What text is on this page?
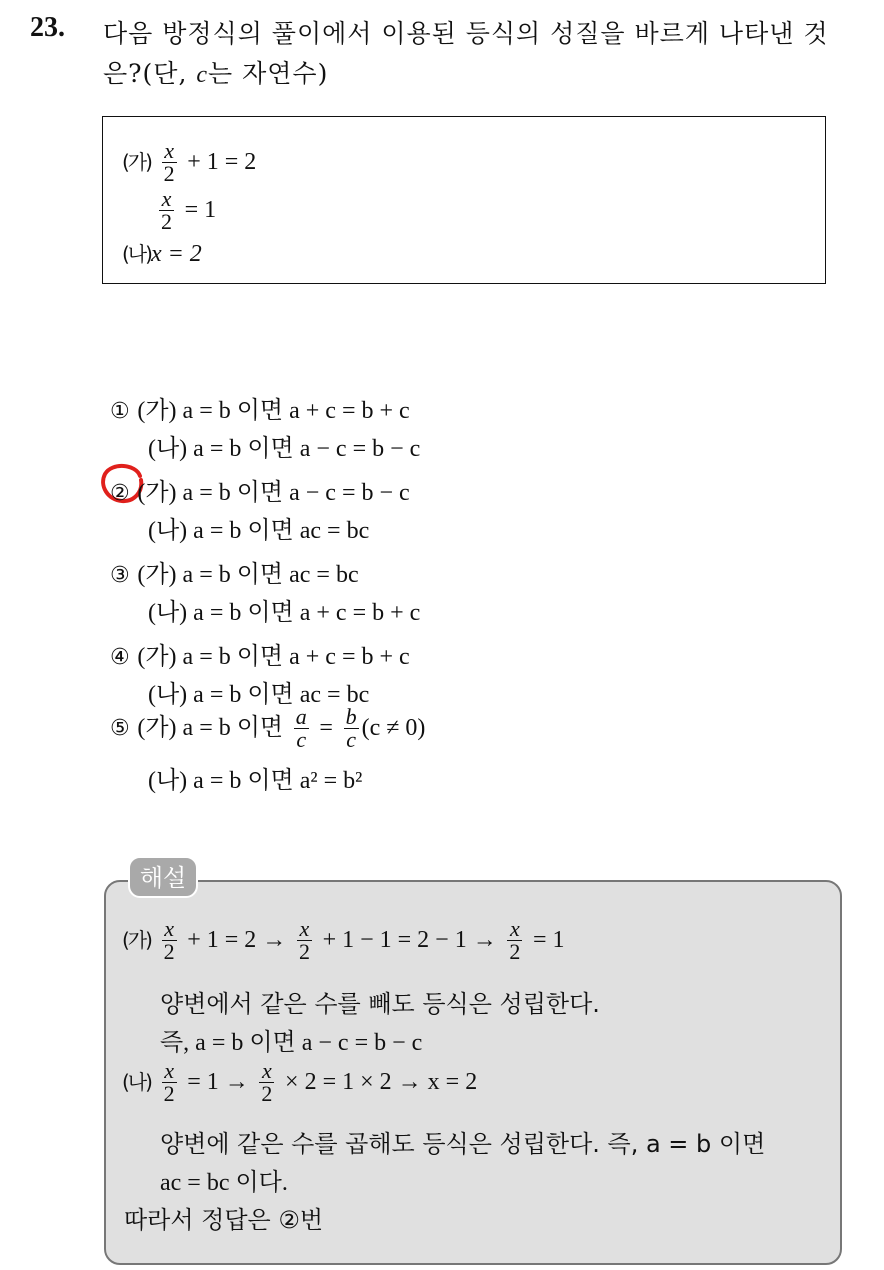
23. 다음 방정식의 풀이에서 이용된 등식의 성질을 바르게 나타낸 것
은?(단, c는 자연수)
(가) $\frac{x}{2} + 1 = 2$
$\frac{x}{2} = 1$
(나)x = 2
① (가) a = b 이면 a + c = b + c
(나) a = b 이면 a − c = b − c
② (가) a = b 이면 a − c = b − c
(나) a = b 이면 ac = bc
③ (가) a = b 이면 ac = bc
(나) a = b 이면 a + c = b + c
④ (가) a = b 이면 a + c = b + c
(나) a = b 이면 ac = bc
⑤ (가) a = b 이면 $\frac{a}{c} = \frac{b}{c} (c \ne 0)$
(나) a = b 이면 a² = b²
해설
(가) $\frac{x}{2} + 1 = 2 \to \frac{x}{2} + 1 - 1 = 2 - 1 \to \frac{x}{2} = 1$
양변에서 같은 수를 빼도 등식은 성립한다.
즉, a = b 이면 a − c = b − c
(나) $\frac{x}{2} = 1 \to \frac{x}{2} \times 2 = 1 \times 2 \to x = 2$
양변에 같은 수를 곱해도 등식은 성립한다. 즉, a = b 이면
ac = bc 이다.
따라서 정답은 ②번
